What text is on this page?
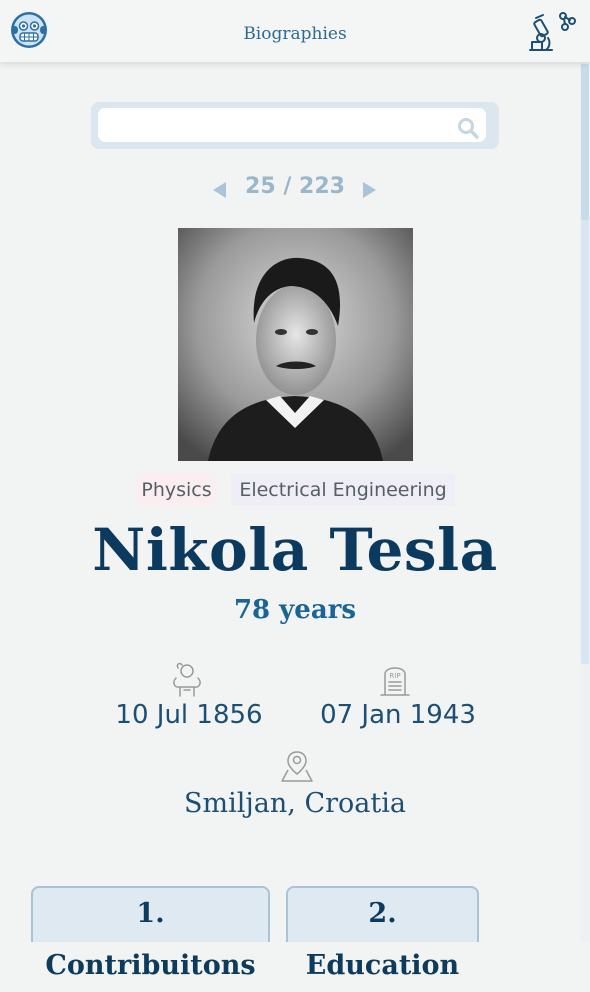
Biographies
25 / 223
Physics	Electrical Engineering
Nikola Tesla
78 years
RIP
10 Jul 1856	07 Jan 1943
Smiljan, Croatia
1. Contribuitons
2. Education
